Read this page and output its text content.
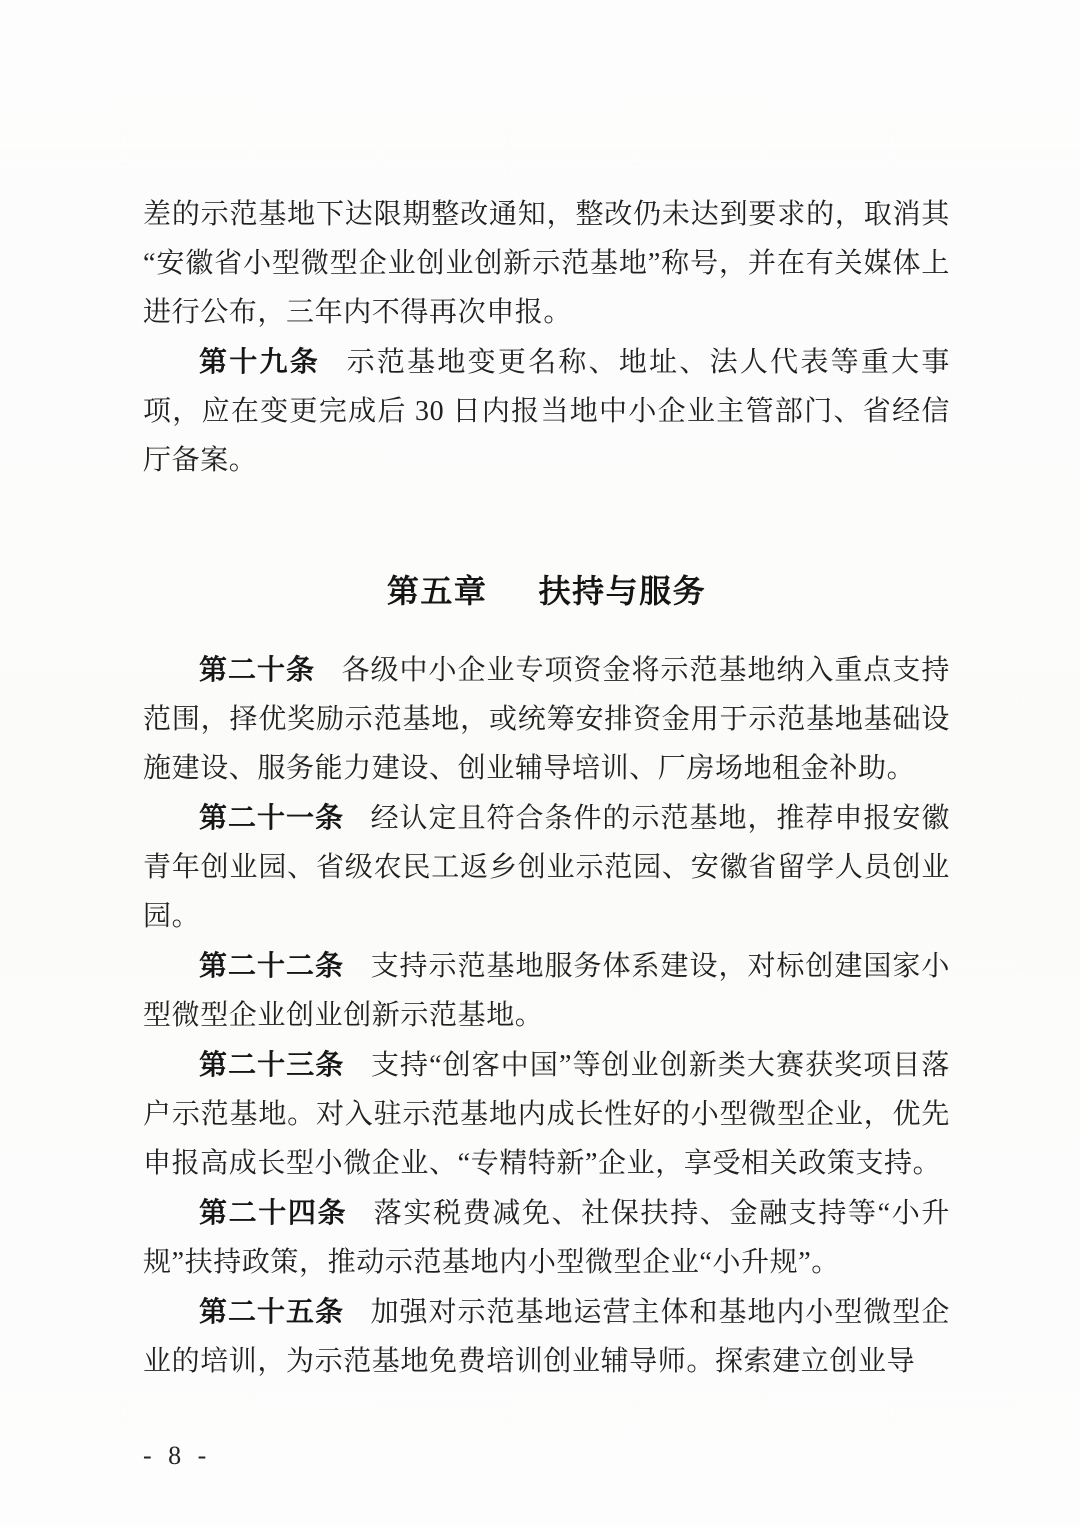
差的示范基地下达限期整改通知，整改仍未达到要求的，取消其“安徽省小型微型企业创业创新示范基地”称号，并在有关媒体上进行公布，三年内不得再次申报。

第十九条 示范基地变更名称、地址、法人代表等重大事项，应在变更完成后 30 日内报当地中小企业主管部门、省经信厅备案。

第五章 扶持与服务

第二十条 各级中小企业专项资金将示范基地纳入重点支持范围，择优奖励示范基地，或统筹安排资金用于示范基地基础设施建设、服务能力建设、创业辅导培训、厂房场地租金补助。

第二十一条 经认定且符合条件的示范基地，推荐申报安徽青年创业园、省级农民工返乡创业示范园、安徽省留学人员创业园。

第二十二条 支持示范基地服务体系建设，对标创建国家小型微型企业创业创新示范基地。

第二十三条 支持“创客中国”等创业创新类大赛获奖项目落户示范基地。对入驻示范基地内成长性好的小型微型企业，优先申报高成长型小微企业、“专精特新”企业，享受相关政策支持。

第二十四条 落实税费减免、社保扶持、金融支持等“小升规”扶持政策，推动示范基地内小型微型企业“小升规”。

第二十五条 加强对示范基地运营主体和基地内小型微型企业的培训，为示范基地免费培训创业辅导师。探索建立创业导

- 8 -
